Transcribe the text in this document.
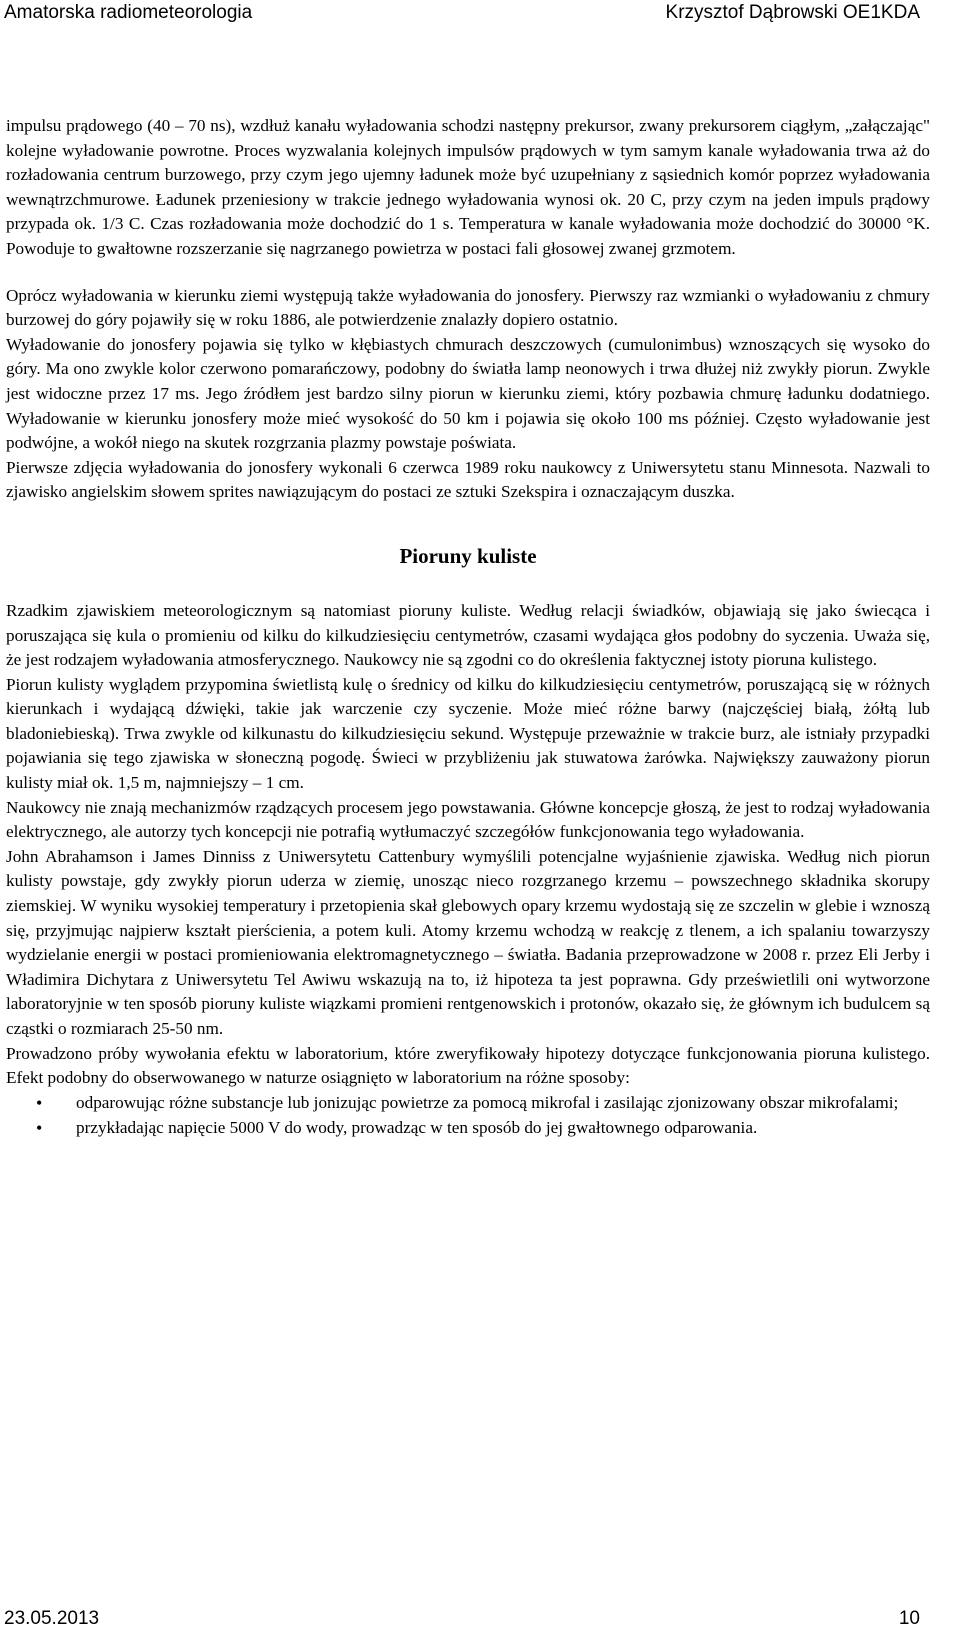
Amatorska radiometeorologia	Krzysztof Dąbrowski OE1KDA

impulsu prądowego (40 – 70 ns), wzdłuż kanału wyładowania schodzi następny prekursor, zwany prekursorem ciągłym, „załączając" kolejne wyładowanie powrotne. Proces wyzwalania kolejnych impulsów prądowych w tym samym kanale wyładowania trwa aż do rozładowania centrum burzowego, przy czym jego ujemny ładunek może być uzupełniany z sąsiednich komór poprzez wyładowania wewnątrzchmurowe. Ładunek przeniesiony w trakcie jednego wyładowania wynosi ok. 20 C, przy czym na jeden impuls prądowy przypada ok. 1/3 C. Czas rozładowania może dochodzić do 1 s. Temperatura w kanale wyładowania może dochodzić do 30000 °K. Powoduje to gwałtowne rozszerzanie się nagrzanego powietrza w postaci fali głosowej zwanej grzmotem.

Oprócz wyładowania w kierunku ziemi występują także wyładowania do jonosfery. Pierwszy raz wzmianki o wyładowaniu z chmury burzowej do góry pojawiły się w roku 1886, ale potwierdzenie znalazły dopiero ostatnio.

Wyładowanie do jonosfery pojawia się tylko w kłębiastych chmurach deszczowych (cumulonimbus) wznoszących się wysoko do góry. Ma ono zwykle kolor czerwono pomarańczowy, podobny do światła lamp neonowych i trwa dłużej niż zwykły piorun. Zwykle jest widoczne przez 17 ms. Jego źródłem jest bardzo silny piorun w kierunku ziemi, który pozbawia chmurę ładunku dodatniego. Wyładowanie w kierunku jonosfery może mieć wysokość do 50 km i pojawia się około 100 ms później. Często wyładowanie jest podwójne, a wokół niego na skutek rozgrzania plazmy powstaje poświata.

Pierwsze zdjęcia wyładowania do jonosfery wykonali 6 czerwca 1989 roku naukowcy z Uniwersytetu stanu Minnesota. Nazwali to zjawisko angielskim słowem sprites nawiązującym do postaci ze sztuki Szekspira i oznaczającym duszka.

Pioruny kuliste

Rzadkim zjawiskiem meteorologicznym są natomiast pioruny kuliste. Według relacji świadków, objawiają się jako świecąca i poruszająca się kula o promieniu od kilku do kilkudziesięciu centymetrów, czasami wydająca głos podobny do syczenia. Uważa się, że jest rodzajem wyładowania atmosferycznego. Naukowcy nie są zgodni co do określenia faktycznej istoty pioruna kulistego.

Piorun kulisty wyglądem przypomina świetlistą kulę o średnicy od kilku do kilkudziesięciu centymetrów, poruszającą się w różnych kierunkach i wydającą dźwięki, takie jak warczenie czy syczenie. Może mieć różne barwy (najczęściej białą, żółtą lub bladoniebieską). Trwa zwykle od kilkunastu do kilkudziesięciu sekund. Występuje przeważnie w trakcie burz, ale istniały przypadki pojawiania się tego zjawiska w słoneczną pogodę. Świeci w przybliżeniu jak stuwatowa żarówka. Największy zauważony piorun kulisty miał ok. 1,5 m, najmniejszy – 1 cm.

Naukowcy nie znają mechanizmów rządzących procesem jego powstawania. Główne koncepcje głoszą, że jest to rodzaj wyładowania elektrycznego, ale autorzy tych koncepcji nie potrafią wytłumaczyć szczegółów funkcjonowania tego wyładowania.

John Abrahamson i James Dinniss z Uniwersytetu Cattenbury wymyślili potencjalne wyjaśnienie zjawiska. Według nich piorun kulisty powstaje, gdy zwykły piorun uderza w ziemię, unosząc nieco rozgrzanego krzemu – powszechnego składnika skorupy ziemskiej. W wyniku wysokiej temperatury i przetopienia skał glebowych opary krzemu wydostają się ze szczelin w glebie i wznoszą się, przyjmując najpierw kształt pierścienia, a potem kuli. Atomy krzemu wchodzą w reakcję z tlenem, a ich spalaniu towarzyszy wydzielanie energii w postaci promieniowania elektromagnetycznego – światła. Badania przeprowadzone w 2008 r. przez Eli Jerby i Władimira Dichytara z Uniwersytetu Tel Awiwu wskazują na to, iż hipoteza ta jest poprawna. Gdy prześwietlili oni wytworzone laboratoryjnie w ten sposób pioruny kuliste wiązkami promieni rentgenowskich i protonów, okazało się, że głównym ich budulcem są cząstki o rozmiarach 25-50 nm.

Prowadzono próby wywołania efektu w laboratorium, które zweryfikowały hipotezy dotyczące funkcjonowania pioruna kulistego. Efekt podobny do obserwowanego w naturze osiągnięto w laboratorium na różne sposoby:

• odparowując różne substancje lub jonizując powietrze za pomocą mikrofal i zasilając zjonizowany obszar mikrofalami;
• przykładając napięcie 5000 V do wody, prowadząc w ten sposób do jej gwałtownego odparowania.
23.05.2013	10
